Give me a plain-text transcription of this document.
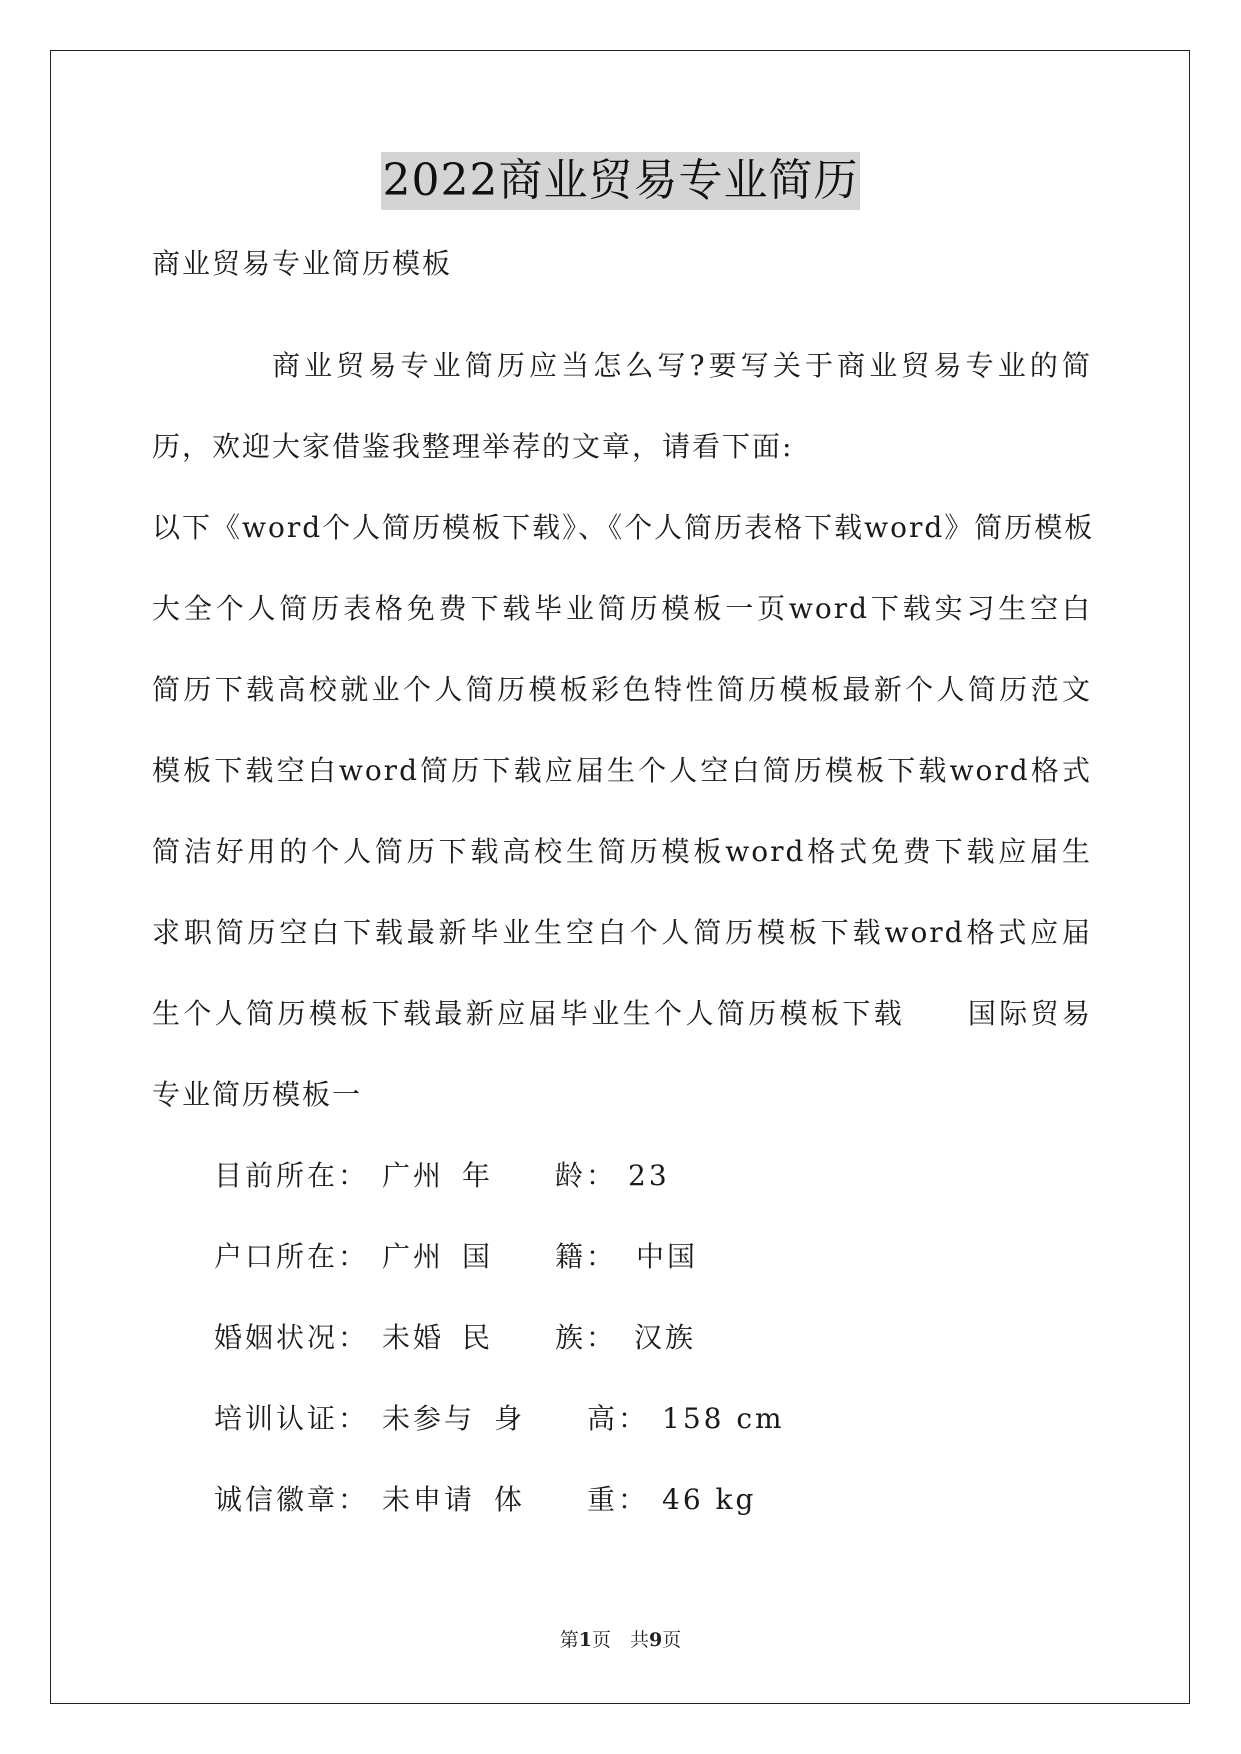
2022商业贸易专业简历
商业贸易专业简历模板
商业贸易专业简历应当怎么写?要写关于商业贸易专业的简
历，欢迎大家借鉴我整理举荐的文章，请看下面:
以下《word个人简历模板下载》、《个人简历表格下载word》简历模板
大全个人简历表格免费下载毕业简历模板一页word下载实习生空白
简历下载高校就业个人简历模板彩色特性简历模板最新个人简历范文
模板下载空白word简历下载应届生个人空白简历模板下载word格式
简洁好用的个人简历下载高校生简历模板word格式免费下载应届生
求职简历空白下载最新毕业生空白个人简历模板下载word格式应届
生个人简历模板下载最新应届毕业生个人简历模板下载　　国际贸易
专业简历模板一
目前所在： 广州 年　　龄： 23
户口所在： 广州 国　　籍： 中国
婚姻状况： 未婚 民　　族： 汉族
培训认证： 未参与 身　　高： 158 cm
诚信徽章： 未申请 体　　重： 46 kg
第1页　共9页
